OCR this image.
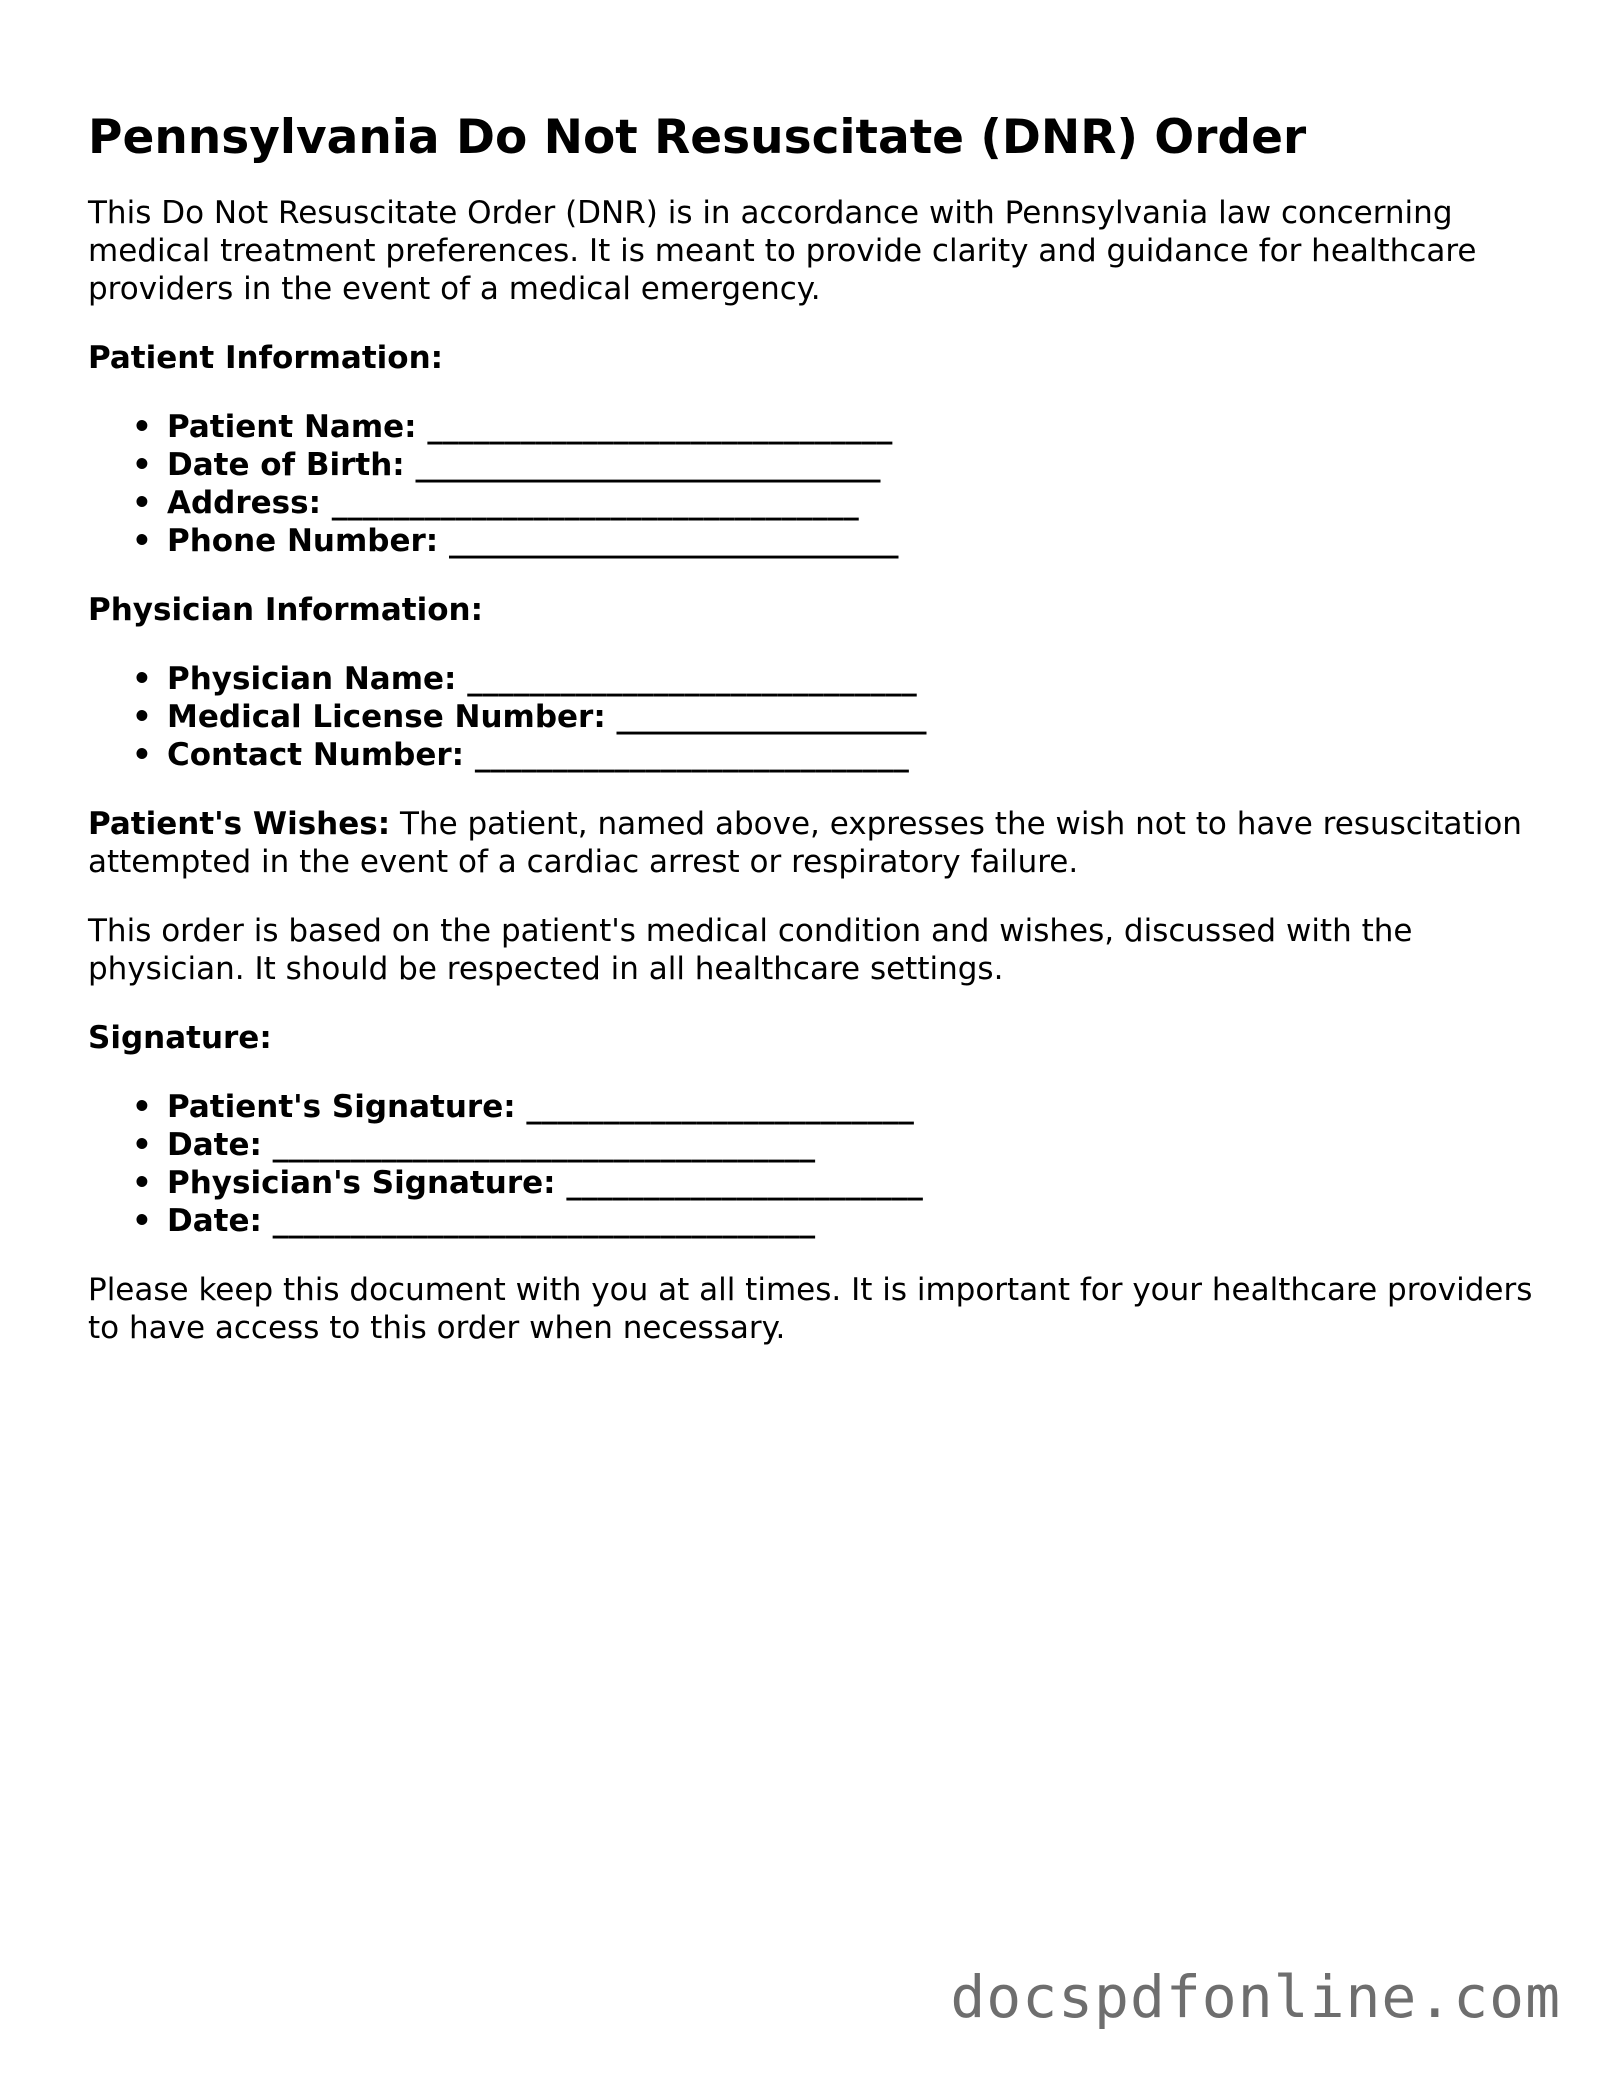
Pennsylvania Do Not Resuscitate (DNR) Order

This Do Not Resuscitate Order (DNR) is in accordance with Pennsylvania law concerning medical treatment preferences. It is meant to provide clarity and guidance for healthcare providers in the event of a medical emergency.

Patient Information:
• Patient Name: ______________________________
• Date of Birth: ______________________________
• Address: __________________________________
• Phone Number: _____________________________
Physician Information:
• Physician Name: _____________________________
• Medical License Number: ____________________
• Contact Number: ____________________________

Patient's Wishes: The patient, named above, expresses the wish not to have resuscitation attempted in the event of a cardiac arrest or respiratory failure.

This order is based on the patient's medical condition and wishes, discussed with the physician. It should be respected in all healthcare settings.

Signature:
• Patient's Signature: _________________________
• Date: ___________________________________
• Physician's Signature: _______________________
• Date: ___________________________________

Please keep this document with you at all times. It is important for your healthcare providers to have access to this order when necessary.

docspdfonline.com
